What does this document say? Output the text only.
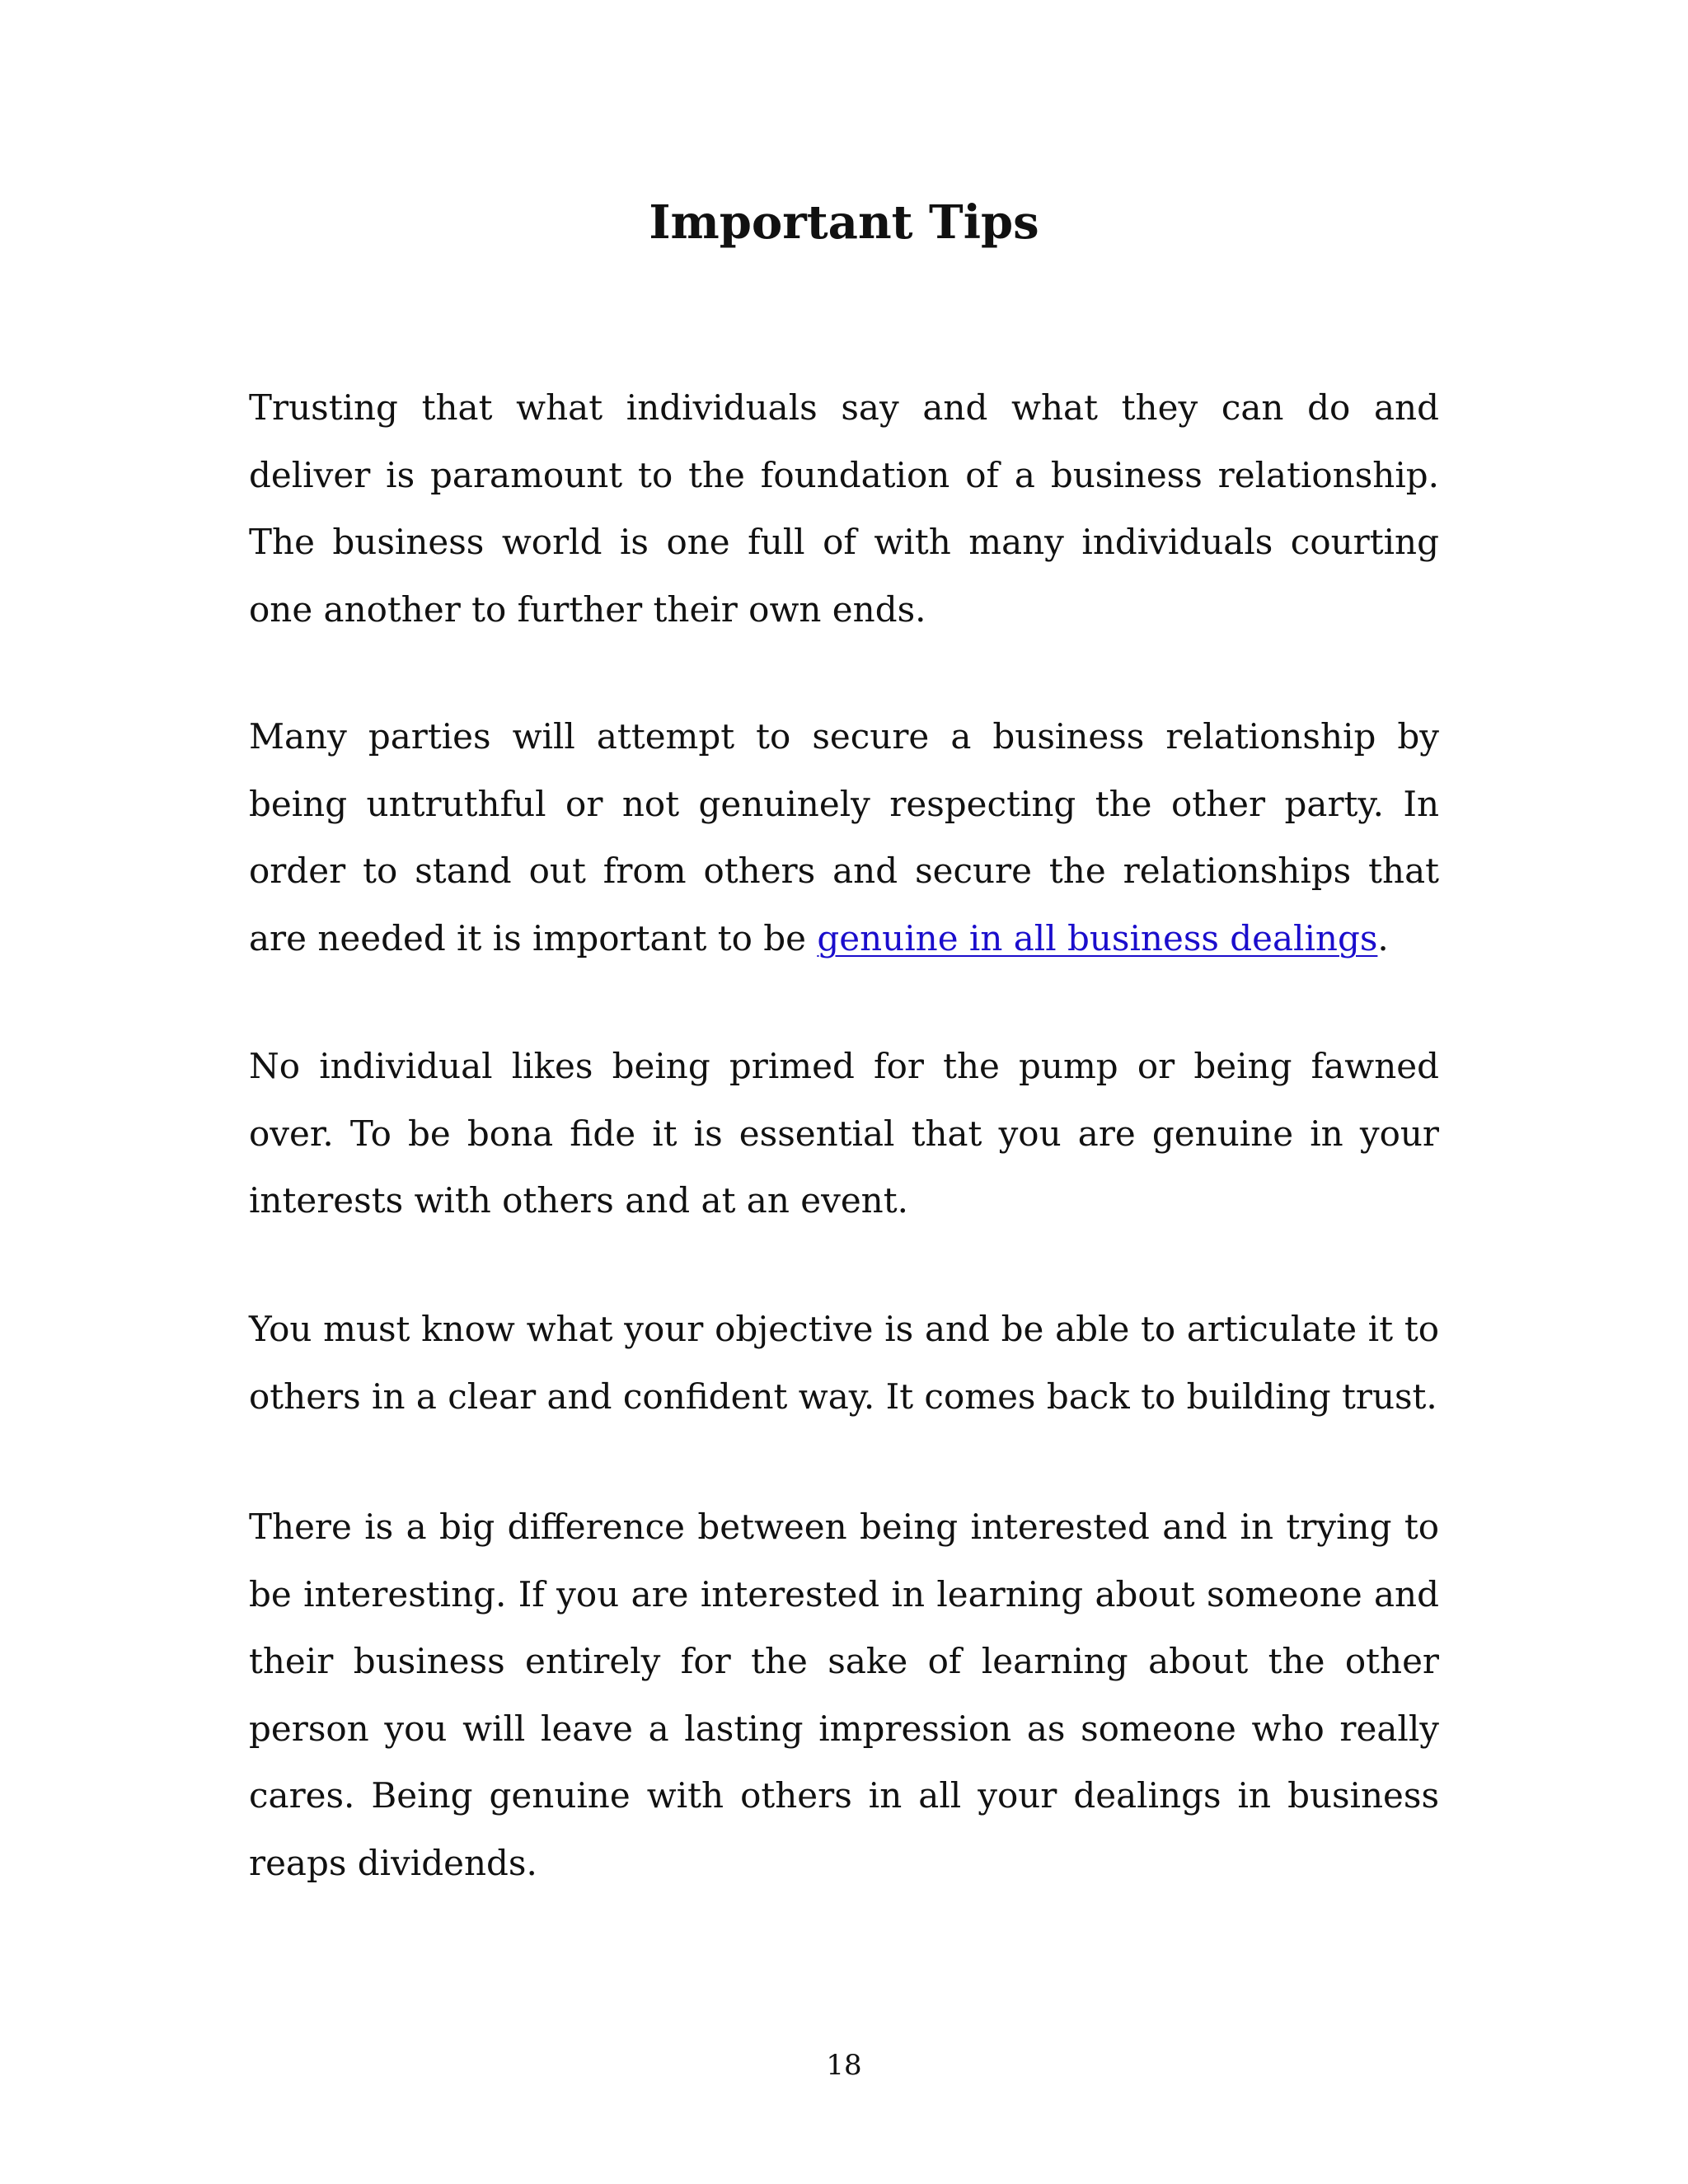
Important Tips

Trusting that what individuals say and what they can do and deliver is paramount to the foundation of a business relationship. The business world is one full of with many individuals courting one another to further their own ends.

Many parties will attempt to secure a business relationship by being untruthful or not genuinely respecting the other party. In order to stand out from others and secure the relationships that are needed it is important to be genuine in all business dealings.

No individual likes being primed for the pump or being fawned over. To be bona fide it is essential that you are genuine in your interests with others and at an event.

You must know what your objective is and be able to articulate it to others in a clear and confident way. It comes back to building trust.

There is a big difference between being interested and in trying to be interesting. If you are interested in learning about someone and their business entirely for the sake of learning about the other person you will leave a lasting impression as someone who really cares. Being genuine with others in all your dealings in business reaps dividends.

18
